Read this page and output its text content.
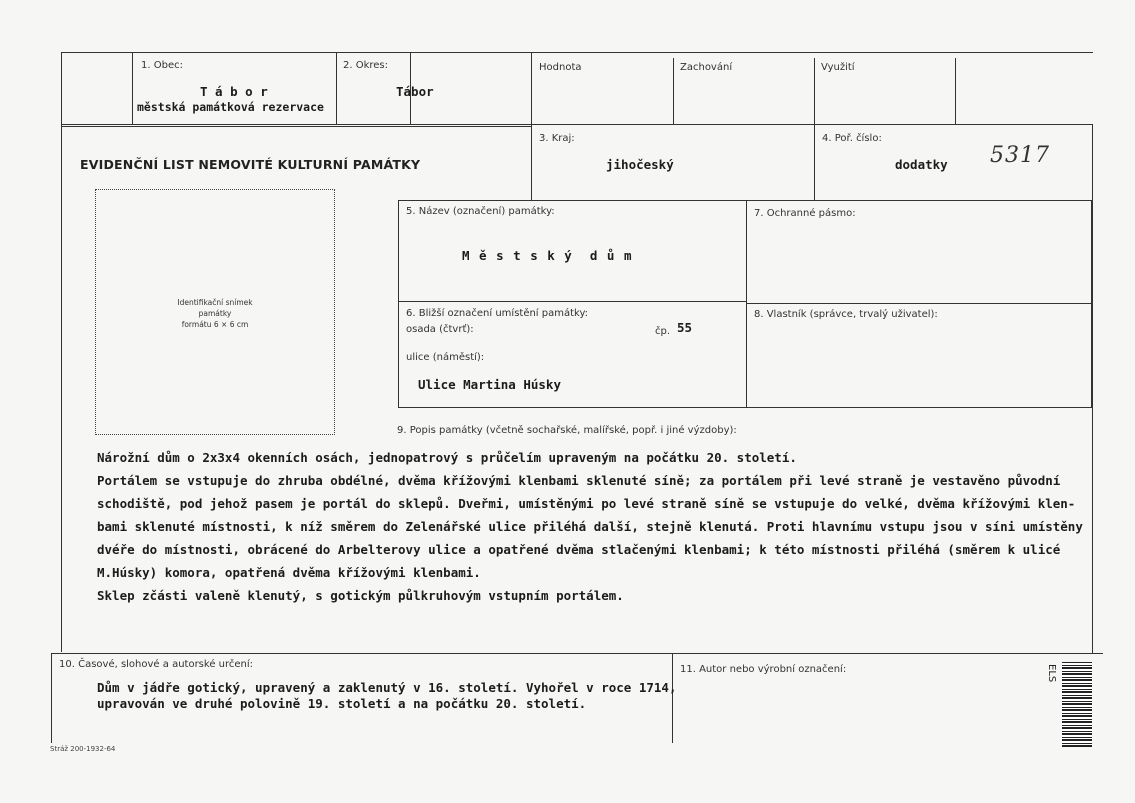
1. Obec:
T á b o r
městská památková rezervace
2. Okres:
Tábor
Hodnota	Zachování	Využití
EVIDENČNÍ LIST NEMOVITÉ KULTURNÍ PAMÁTKY
3. Kraj:
jihočeský
4. Poř. číslo:
dodatky 5317
Identifikační snímek
památky
formátu 6 × 6 cm
5. Název (označení) památky:
M ě s t s k ý  d ů m
7. Ochranné pásmo:
6. Bližší označení umístění památky:
osada (čtvrť):	čp. 55
ulice (náměstí):
Ulice Martina Húsky
8. Vlastník (správce, trvalý uživatel):
9. Popis památky (včetně sochařské, malířské, popř. i jiné výzdoby):
Nárožní dům o 2x3x4 okenních osách, jednopatrový s průčelím upraveným na počátku 20. století.
Portálem se vstupuje do zhruba obdélné, dvěma křížovými klenbami sklenuté síně; za portálem při levé straně je vestavěno původní
schodiště, pod jehož pasem je portál do sklepů. Dveřmi, umístěnými po levé straně síně se vstupuje do velké, dvěma křížovými klen-
bami sklenuté místnosti, k níž směrem do Zelenářské ulice přiléhá další, stejně klenutá. Proti hlavnímu vstupu jsou v síni umístěny
dvéře do místnosti, obrácené do Arbelterovy ulice a opatřené dvěma stlačenými klenbami; k této místnosti přiléhá (směrem k ulicé
M.Húsky) komora, opatřená dvěma křížovými klenbami.
Sklep zčásti valeně klenutý, s gotickým půlkruhovým vstupním portálem.
10. Časové, slohové a autorské určení:
Dům v jádře gotický, upravený a zaklenutý v 16. století. Vyhořel v roce 1714,
upravován ve druhé polovině 19. století a na počátku 20. století.
11. Autor nebo výrobní označení:	ELS
Stráž 200-1932-64
